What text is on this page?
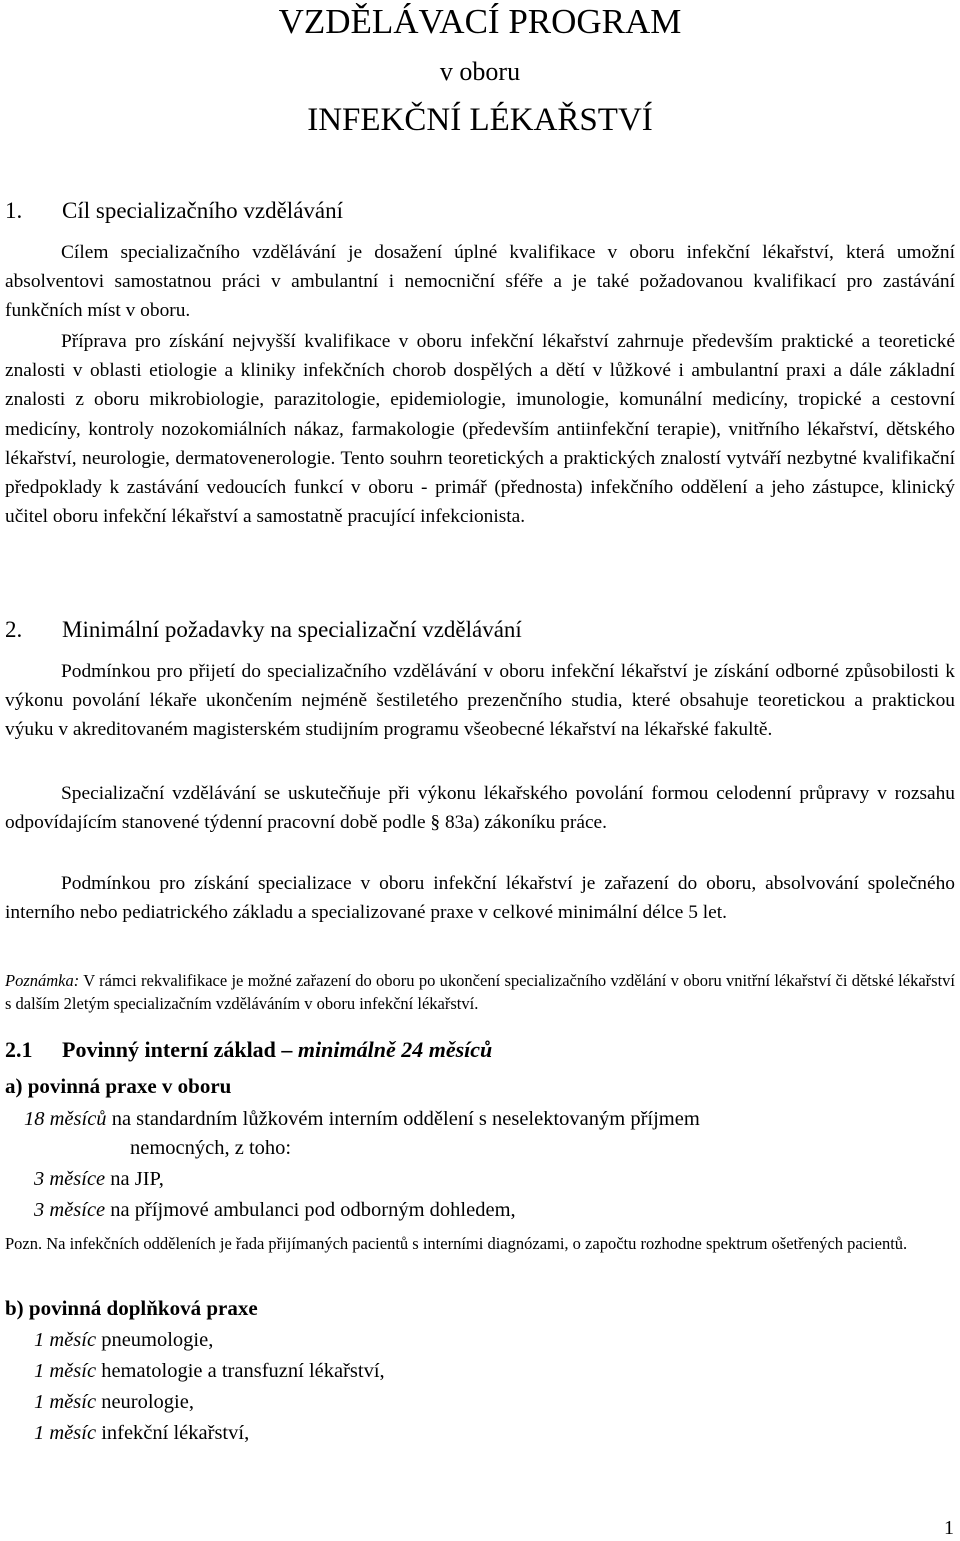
VZDĚLÁVACÍ PROGRAM
v oboru
INFEKČNÍ LÉKAŘSTVÍ
1. Cíl specializačního vzdělávání

Cílem specializačního vzdělávání je dosažení úplné kvalifikace v oboru infekční lékařství, která umožní absolventovi samostatnou práci v ambulantní i nemocniční sféře a je také požadovanou kvalifikací pro zastávání funkčních míst v oboru.

Příprava pro získání nejvyšší kvalifikace v oboru infekční lékařství zahrnuje především praktické a teoretické znalosti v oblasti etiologie a kliniky infekčních chorob dospělých a dětí v lůžkové i ambulantní praxi a dále základní znalosti z oboru mikrobiologie, parazitologie, epidemiologie, imunologie, komunální medicíny, tropické a cestovní medicíny, kontroly nozokomiálních nákaz, farmakologie (především antiinfekční terapie), vnitřního lékařství, dětského lékařství, neurologie, dermatovenerologie. Tento souhrn teoretických a praktických znalostí vytváří nezbytné kvalifikační předpoklady k zastávání vedoucích funkcí v oboru - primář (přednosta) infekčního oddělení a jeho zástupce, klinický učitel oboru infekční lékařství a samostatně pracující infekcionista.

2. Minimální požadavky na specializační vzdělávání

Podmínkou pro přijetí do specializačního vzdělávání v oboru infekční lékařství je získání odborné způsobilosti k výkonu povolání lékaře ukončením nejméně šestiletého prezenčního studia, které obsahuje teoretickou a praktickou výuku v akreditovaném magisterském studijním programu všeobecné lékařství na lékařské fakultě.

Specializační vzdělávání se uskutečňuje při výkonu lékařského povolání formou celodenní průpravy v rozsahu odpovídajícím stanovené týdenní pracovní době podle § 83a) zákoníku práce.

Podmínkou pro získání specializace v oboru infekční lékařství je zařazení do oboru, absolvování společného interního nebo pediatrického základu a specializované praxe v celkové minimální délce 5 let.

Poznámka: V rámci rekvalifikace je možné zařazení do oboru po ukončení specializačního vzdělání v oboru vnitřní lékařství či dětské lékařství s dalším 2letým specializačním vzděláváním v oboru infekční lékařství.

2.1 Povinný interní základ – minimálně 24 měsíců
a) povinná praxe v oboru
18 měsíců na standardním lůžkovém interním oddělení s neselektovaným příjmem
nemocných, z toho:
3 měsíce na JIP,
3 měsíce na příjmové ambulanci pod odborným dohledem,

Pozn. Na infekčních odděleních je řada přijímaných pacientů s interními diagnózami, o započtu rozhodne spektrum ošetřených pacientů.

b) povinná doplňková praxe
1 měsíc pneumologie,
1 měsíc hematologie a transfuzní lékařství,
1 měsíc neurologie,
1 měsíc infekční lékařství,
1
